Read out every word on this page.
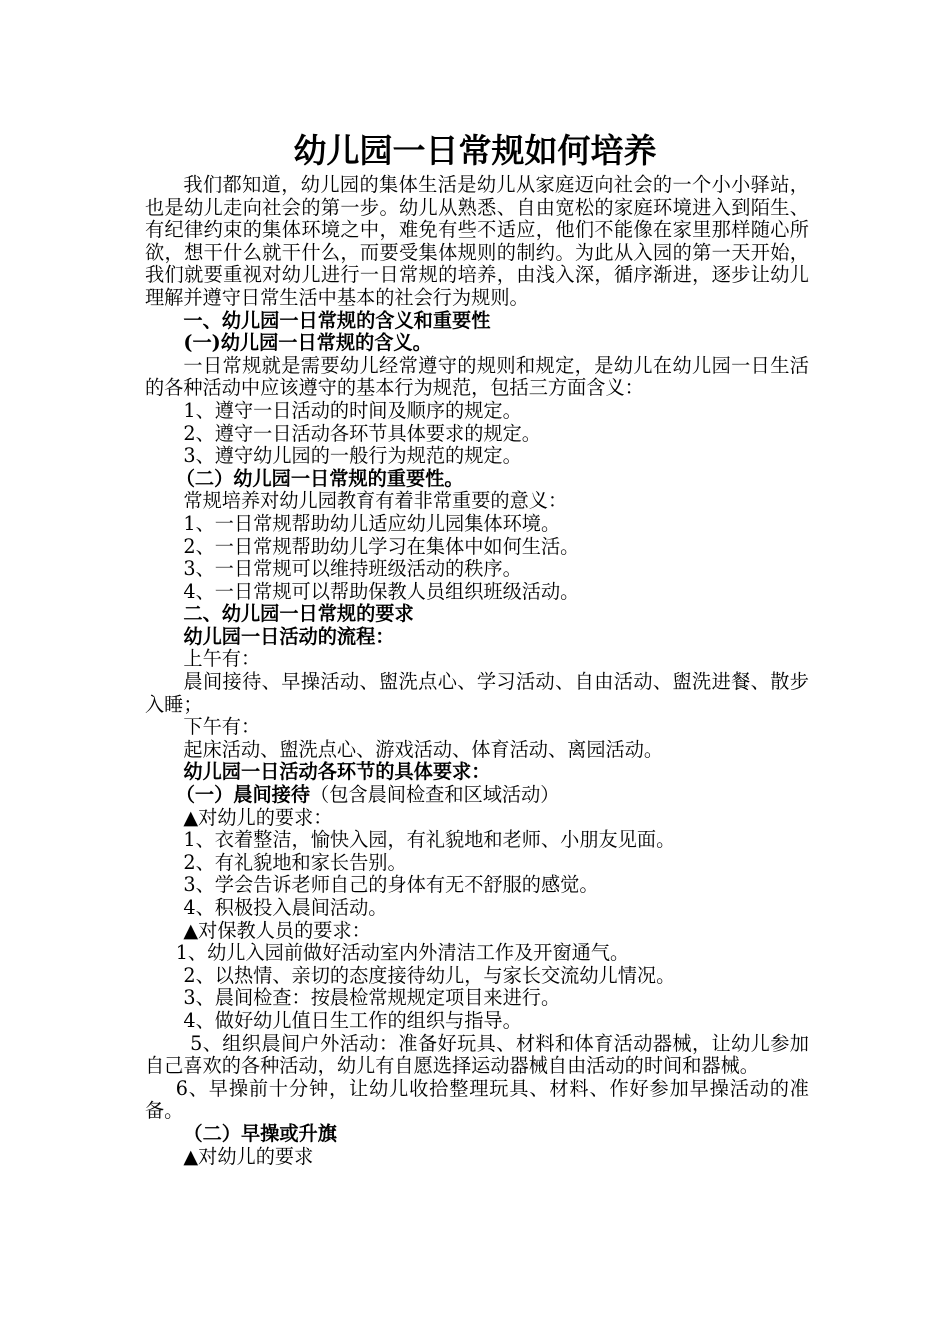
幼儿园一日常规如何培养

我们都知道，幼儿园的集体生活是幼儿从家庭迈向社会的一个小小驿站，也是幼儿走向社会的第一步。幼儿从熟悉、自由宽松的家庭环境进入到陌生、有纪律约束的集体环境之中，难免有些不适应，他们不能像在家里那样随心所欲，想干什么就干什么，而要受集体规则的制约。为此从入园的第一天开始，我们就要重视对幼儿进行一日常规的培养，由浅入深，循序渐进，逐步让幼儿理解并遵守日常生活中基本的社会行为规则。

一、幼儿园一日常规的含义和重要性

(一)幼儿园一日常规的含义。

一日常规就是需要幼儿经常遵守的规则和规定，是幼儿在幼儿园一日生活的各种活动中应该遵守的基本行为规范，包括三方面含义：

1、遵守一日活动的时间及顺序的规定。

2、遵守一日活动各环节具体要求的规定。

3、遵守幼儿园的一般行为规范的规定。

（二）幼儿园一日常规的重要性。

常规培养对幼儿园教育有着非常重要的意义：

1、一日常规帮助幼儿适应幼儿园集体环境。

2、一日常规帮助幼儿学习在集体中如何生活。

3、一日常规可以维持班级活动的秩序。

4、一日常规可以帮助保教人员组织班级活动。

二、幼儿园一日常规的要求

幼儿园一日活动的流程：

上午有：

晨间接待、早操活动、盥洗点心、学习活动、自由活动、盥洗进餐、散步入睡；

下午有：

起床活动、盥洗点心、游戏活动、体育活动、离园活动。

幼儿园一日活动各环节的具体要求：

（一）晨间接待（包含晨间检查和区域活动）

▲对幼儿的要求：

1、衣着整洁，愉快入园，有礼貌地和老师、小朋友见面。

2、有礼貌地和家长告别。

3、学会告诉老师自己的身体有无不舒服的感觉。

4、积极投入晨间活动。

▲对保教人员的要求：

1、幼儿入园前做好活动室内外清洁工作及开窗通气。

2、以热情、亲切的态度接待幼儿，与家长交流幼儿情况。

3、晨间检查：按晨检常规规定项目来进行。

4、做好幼儿值日生工作的组织与指导。

5、组织晨间户外活动：准备好玩具、材料和体育活动器械，让幼儿参加自己喜欢的各种活动，幼儿有自愿选择运动器械自由活动的时间和器械。

6、早操前十分钟，让幼儿收拾整理玩具、材料、作好参加早操活动的准备。

（二）早操或升旗

▲对幼儿的要求
